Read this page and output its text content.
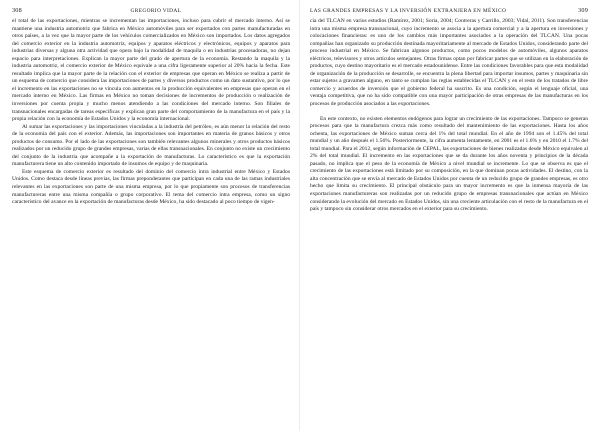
308	GREGORIO VIDAL

el total de las exportaciones, mientras se incrementan las importaciones, incluso para cubrir el mercado interno. Así se mantiene una industria automotriz que fabrica en México automóviles para ser exportados con partes manufacturadas en otros países, a la vez que la mayor parte de los vehículos comercializados en México son importados. Los datos agregados del comercio exterior en la industria automotriz, equipos y aparatos eléctricos y electrónicos, equipos y aparatos para industrias diversas y alguna otra actividad que opera bajo la modalidad de maquila o en industrias procesadoras, no dejan espacio para interpretaciones. Explican la mayor parte del grado de apertura de la economía. Restando la maquila y la industria automotriz, el comercio exterior de México equivale a una cifra ligeramente superior al 20% hacia la fecha. Este resultado implica que la mayor parte de la relación con el exterior de empresas que operan en México se realiza a partir de un esquema de comercio que considera las importaciones de partes y diversos productos como un dato sustantivo, por lo que el incremento en las exportaciones no se vincula con aumentos en la producción equivalentes en empresas que operan en el mercado interno en México. Las firmas en México no toman decisiones de incrementos de producción o realización de inversiones por cuenta propia y mucho menos atendiendo a las condiciones del mercado interno. Son filiales de transnacionales encargadas de tareas específicas y explican gran parte del comportamiento de la manufactura en el país y la propia relación con la economía de Estados Unidos y la economía internacional.

Al sumar las exportaciones y las importaciones vinculadas a la industria del petróleo, es aún menor la relación del resto de la economía del país con el exterior. Además, las importaciones son importantes en materia de granos básicos y otros productos de consumo. Por el lado de las exportaciones son también relevantes algunos minerales y otros productos básicos realizados por un reducido grupo de grandes empresas, varias de ellas transnacionales. En conjunto no existe un crecimiento del conjunto de la industria que acompañe a la exportación de manufacturas. Lo característico es que la exportación manufacturera tiene un alto contenido importado de insumos de equipo y de maquinaria.

Este esquema de comercio exterior es resultado del dominio del comercio intra industrial entre México y Estados Unidos. Como destaca desde líneas previas, las firmas preponderantes que participan en cada una de las ramas industriales relevantes en las exportaciones son parte de una misma empresa, por lo que propiamente son procesos de transferencias manufactureras entre una misma compañía o grupo corporativo. El tema del comercio intra empresa, como un signo característico del avance en la exportación de manufacturas desde México, ha sido destacado al poco tiempo de vigen-

LAS GRANDES EMPRESAS Y LA INVERSIÓN EXTRANJERA EN MÉXICO	309

cia del TLCAN en varios estudios (Ramírez, 2001; Soria, 2004; Contreras y Carrillo, 2003; Vidal, 2011). Son transferencias intra una misma empresa transnacional, cuyo incremento se asocia a la apertura comercial y a la apertura en inversiones y colocaciones financieras: es uno de los cambios más importantes asociados a la operación del TLCAN. Una pocas compañías han organizado su producción destinada mayoritariamente al mercado de Estados Unidos, considerando parte del proceso industrial en México. Se fabrican algunos productos, como pocos modelos de automóviles, algunos aparatos eléctricos, televisores y otros artículos semejantes. Otras firmas optan por fabricar partes que se utilizan en la elaboración de productos, cuyo destino mayoritario es el mercado estadounidense. Entre las condiciones favorables para que esta modalidad de organización de la producción se desarrolle, se encuentra la plena libertad para importar insumos, partes y maquinaria sin estar sujetos a gravamen alguno, en tanto se cumplan las reglas establecidas el TLCAN y en el resto de los tratados de libre comercio y acuerdos de inversión que el gobierno federal ha suscrito. Es una condición, según el lenguaje oficial, una ventaja competitiva, que no ha sido compatible con una mayor participación de otras empresas de las manufacturas en los procesos de producción asociados a las exportaciones.

En este contexto, no existen elementos endógenos para lograr un crecimiento de las exportaciones. Tampoco se generan procesos para que la manufactura crezca más como resultado del mantenimiento de las exportaciones. Hasta los años ochenta, las exportaciones de México suman cerca del 1% del total mundial. En el año de 1994 son el 1.45% del total mundial y un año después el 1.56%. Posteriormente, la cifra aumenta lentamente, en 2001 es el 1.6% y en 2010 el 1.7% del total mundial. Para el 2012, según información de CEPAL, las exportaciones de bienes realizadas desde México equivalen al 2% del total mundial. El incremento en las exportaciones que se da durante los años noventa y principios de la década pasado, no implica que el peso de la economía de México a nivel mundial se incremente. Lo que se observa es que el crecimiento de las exportaciones está limitado por su composición, en la que dominan pocas actividades. El destino, con la alta concentración que se envía al mercado de Estados Unidos por cuenta de un reducido grupo de grandes empresas, es otro hecho que limita su crecimiento. El principal obstáculo para un mayor incremento es que la inmensa mayoría de las exportaciones manufactureras son realizadas por un reducido grupo de empresas transnacionales que actúan en México considerando la evolución del mercado en Estados Unidos, sin una creciente articulación con el resto de la manufactura en el país y tampoco sin considerar otros mercados en el exterior para su crecimiento.
